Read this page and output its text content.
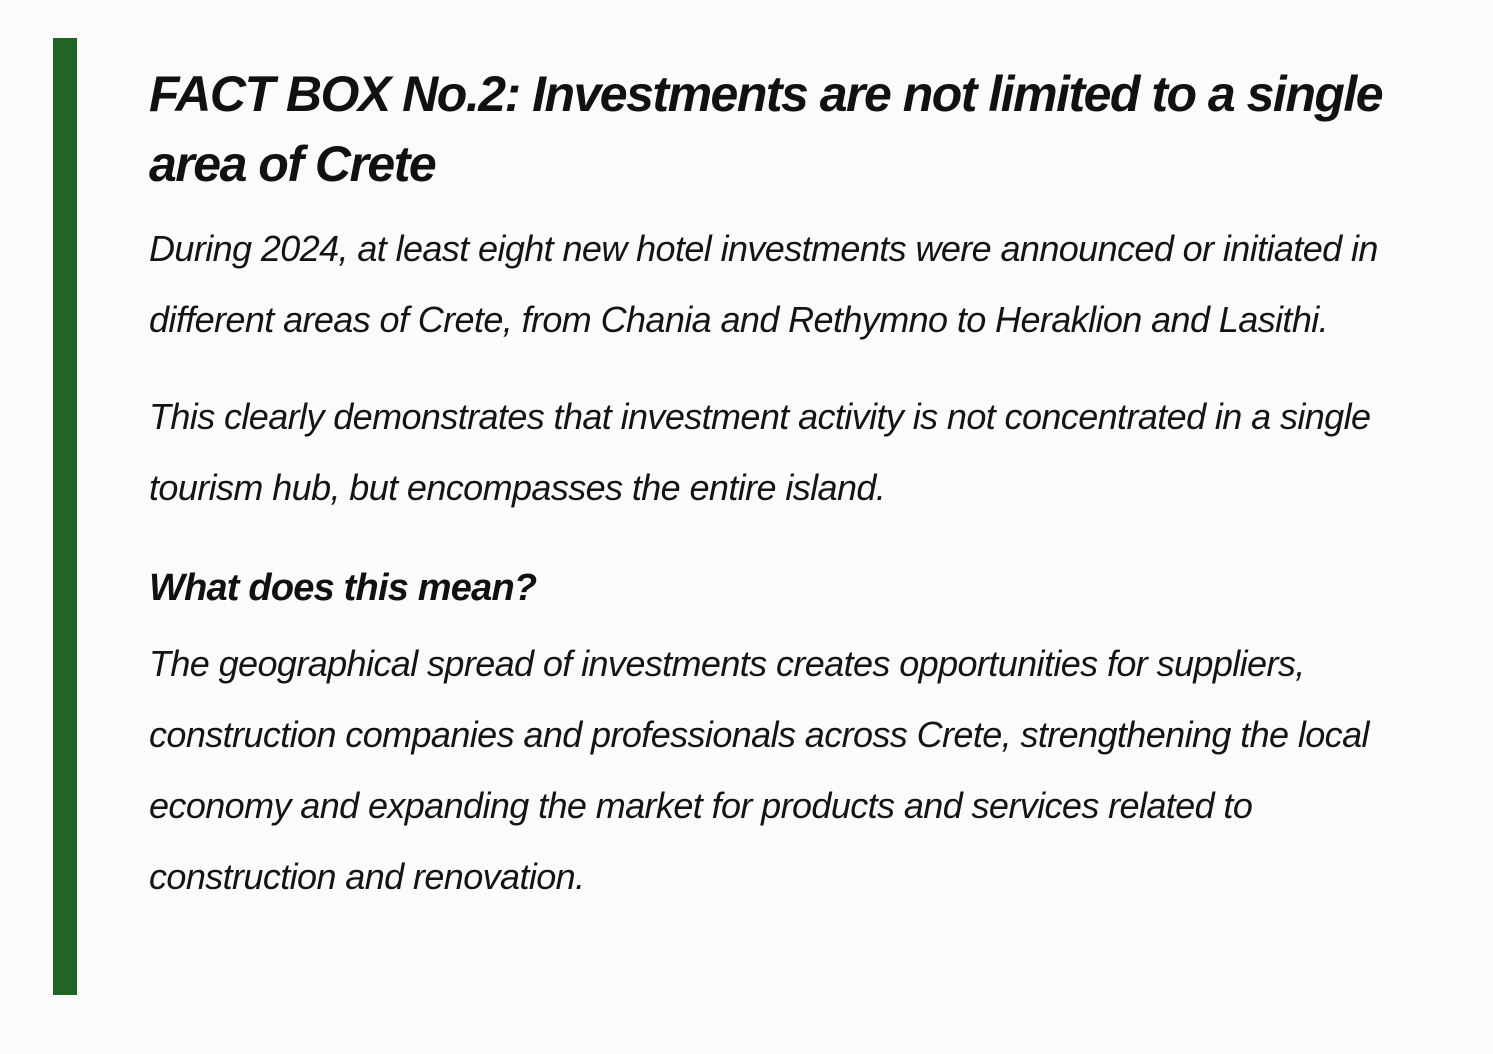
FACT BOX No.2: Investments are not limited to a single area of Crete

During 2024, at least eight new hotel investments were announced or initiated in different areas of Crete, from Chania and Rethymno to Heraklion and Lasithi.

This clearly demonstrates that investment activity is not concentrated in a single tourism hub, but encompasses the entire island.

What does this mean?

The geographical spread of investments creates opportunities for suppliers, construction companies and professionals across Crete, strengthening the local economy and expanding the market for products and services related to construction and renovation.
